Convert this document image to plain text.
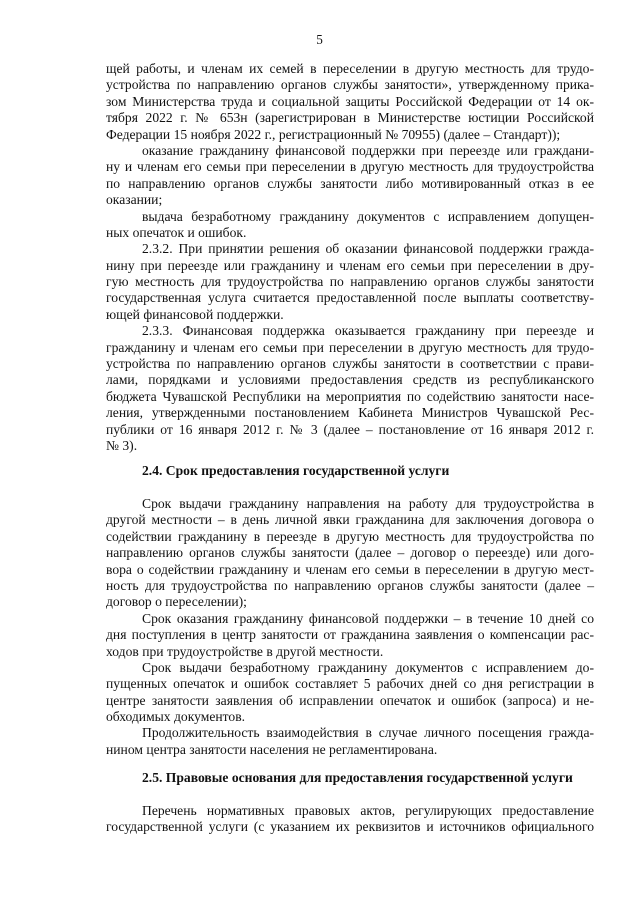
5
щей работы, и членам их семей в переселении в другую местность для трудо-
устройства по направлению органов службы занятости», утвержденному прика-
зом Министерства труда и социальной защиты Российской Федерации от 14 ок-
тября 2022 г. № 653н (зарегистрирован в Министерстве юстиции Российской
Федерации 15 ноября 2022 г., регистрационный № 70955) (далее – Стандарт));
оказание гражданину финансовой поддержки при переезде или граждани-
ну и членам его семьи при переселении в другую местность для трудоустройства
по направлению органов службы занятости либо мотивированный отказ в ее
оказании;
выдача безработному гражданину документов с исправлением допущен-
ных опечаток и ошибок.
2.3.2. При принятии решения об оказании финансовой поддержки гражда-
нину при переезде или гражданину и членам его семьи при переселении в дру-
гую местность для трудоустройства по направлению органов службы занятости
государственная услуга считается предоставленной после выплаты соответству-
ющей финансовой поддержки.
2.3.3. Финансовая поддержка оказывается гражданину при переезде и
гражданину и членам его семьи при переселении в другую местность для трудо-
устройства по направлению органов службы занятости в соответствии с прави-
лами, порядками и условиями предоставления средств из республиканского
бюджета Чувашской Республики на мероприятия по содействию занятости насе-
ления, утвержденными постановлением Кабинета Министров Чувашской Рес-
публики от 16 января 2012 г. № 3 (далее – постановление от 16 января 2012 г.
№ 3).
2.4. Срок предоставления государственной услуги
Срок выдачи гражданину направления на работу для трудоустройства в
другой местности – в день личной явки гражданина для заключения договора о
содействии гражданину в переезде в другую местность для трудоустройства по
направлению органов службы занятости (далее – договор о переезде) или дого-
вора о содействии гражданину и членам его семьи в переселении в другую мест-
ность для трудоустройства по направлению органов службы занятости (далее –
договор о переселении);
Срок оказания гражданину финансовой поддержки – в течение 10 дней со
дня поступления в центр занятости от гражданина заявления о компенсации рас-
ходов при трудоустройстве в другой местности.
Срок выдачи безработному гражданину документов с исправлением до-
пущенных опечаток и ошибок составляет 5 рабочих дней со дня регистрации в
центре занятости заявления об исправлении опечаток и ошибок (запроса) и не-
обходимых документов.
Продолжительность взаимодействия в случае личного посещения гражда-
нином центра занятости населения не регламентирована.
2.5. Правовые основания для предоставления государственной услуги
Перечень нормативных правовых актов, регулирующих предоставление
государственной услуги (с указанием их реквизитов и источников официального
